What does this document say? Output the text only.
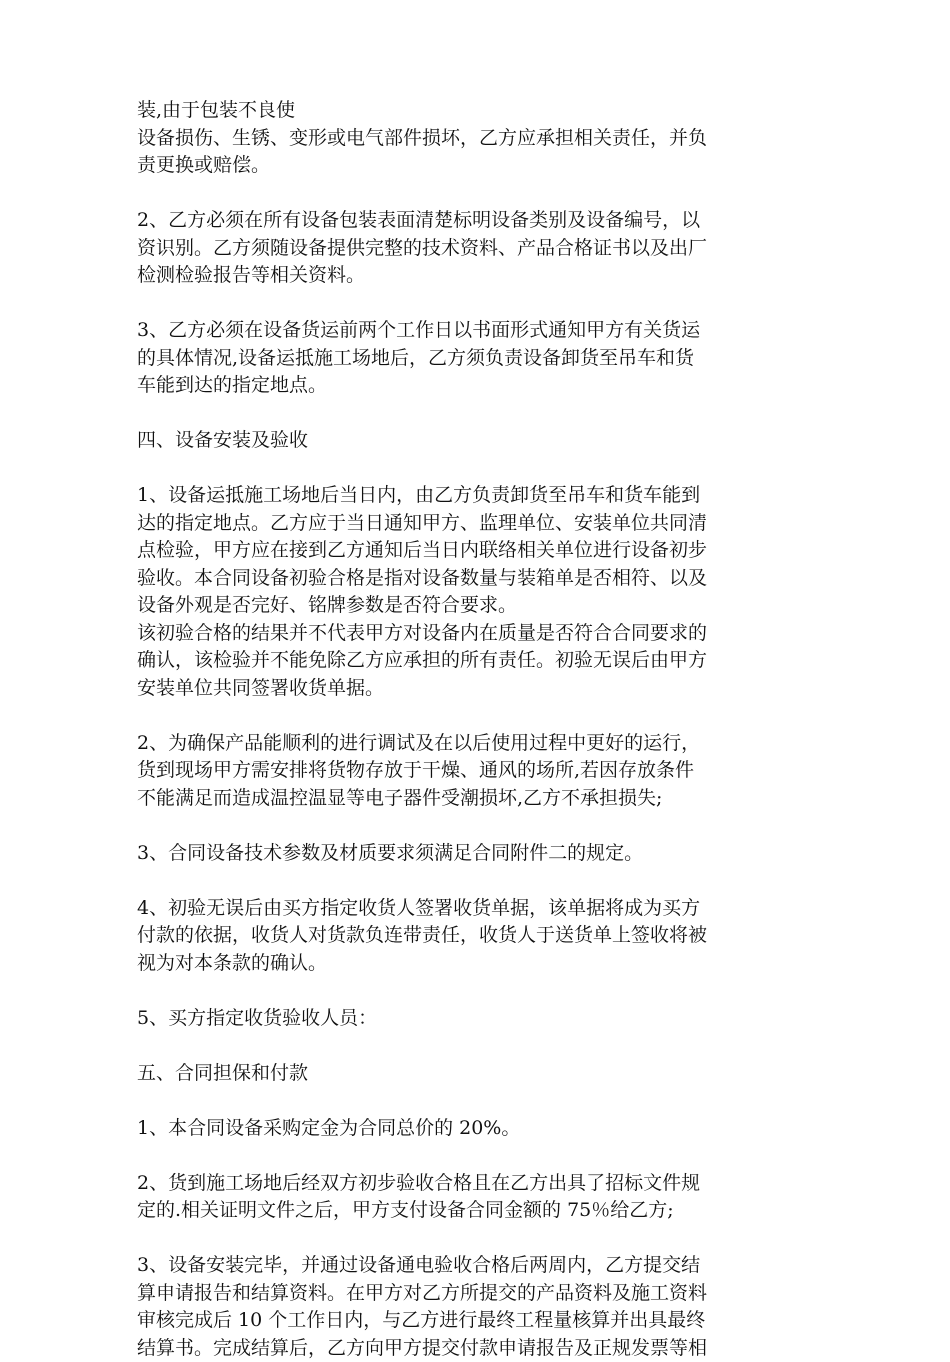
装,由于包装不良使
设备损伤、生锈、变形或电气部件损坏，乙方应承担相关责任，并负
责更换或赔偿。
2、乙方必须在所有设备包装表面清楚标明设备类别及设备编号，以
资识别。乙方须随设备提供完整的技术资料、产品合格证书以及出厂
检测检验报告等相关资料。
3、乙方必须在设备货运前两个工作日以书面形式通知甲方有关货运
的具体情况,设备运抵施工场地后，乙方须负责设备卸货至吊车和货
车能到达的指定地点。
四、设备安装及验收
1、设备运抵施工场地后当日内，由乙方负责卸货至吊车和货车能到
达的指定地点。乙方应于当日通知甲方、监理单位、安装单位共同清
点检验，甲方应在接到乙方通知后当日内联络相关单位进行设备初步
验收。本合同设备初验合格是指对设备数量与装箱单是否相符、以及
设备外观是否完好、铭牌参数是否符合要求。
该初验合格的结果并不代表甲方对设备内在质量是否符合合同要求的
确认，该检验并不能免除乙方应承担的所有责任。初验无误后由甲方
安装单位共同签署收货单据。
2、为确保产品能顺利的进行调试及在以后使用过程中更好的运行，
货到现场甲方需安排将货物存放于干燥、通风的场所,若因存放条件
不能满足而造成温控温显等电子器件受潮损坏,乙方不承担损失;
3、合同设备技术参数及材质要求须满足合同附件二的规定。
4、初验无误后由买方指定收货人签署收货单据，该单据将成为买方
付款的依据，收货人对货款负连带责任，收货人于送货单上签收将被
视为对本条款的确认。
5、买方指定收货验收人员：
五、合同担保和付款
1、本合同设备采购定金为合同总价的 20%。
2、货到施工场地后经双方初步验收合格且在乙方出具了招标文件规
定的.相关证明文件之后，甲方支付设备合同金额的 75％给乙方;
3、设备安装完毕，并通过设备通电验收合格后两周内，乙方提交结
算申请报告和结算资料。在甲方对乙方所提交的产品资料及施工资料
审核完成后 10 个工作日内，与乙方进行最终工程量核算并出具最终
结算书。完成结算后，乙方向甲方提交付款申请报告及正规发票等相
